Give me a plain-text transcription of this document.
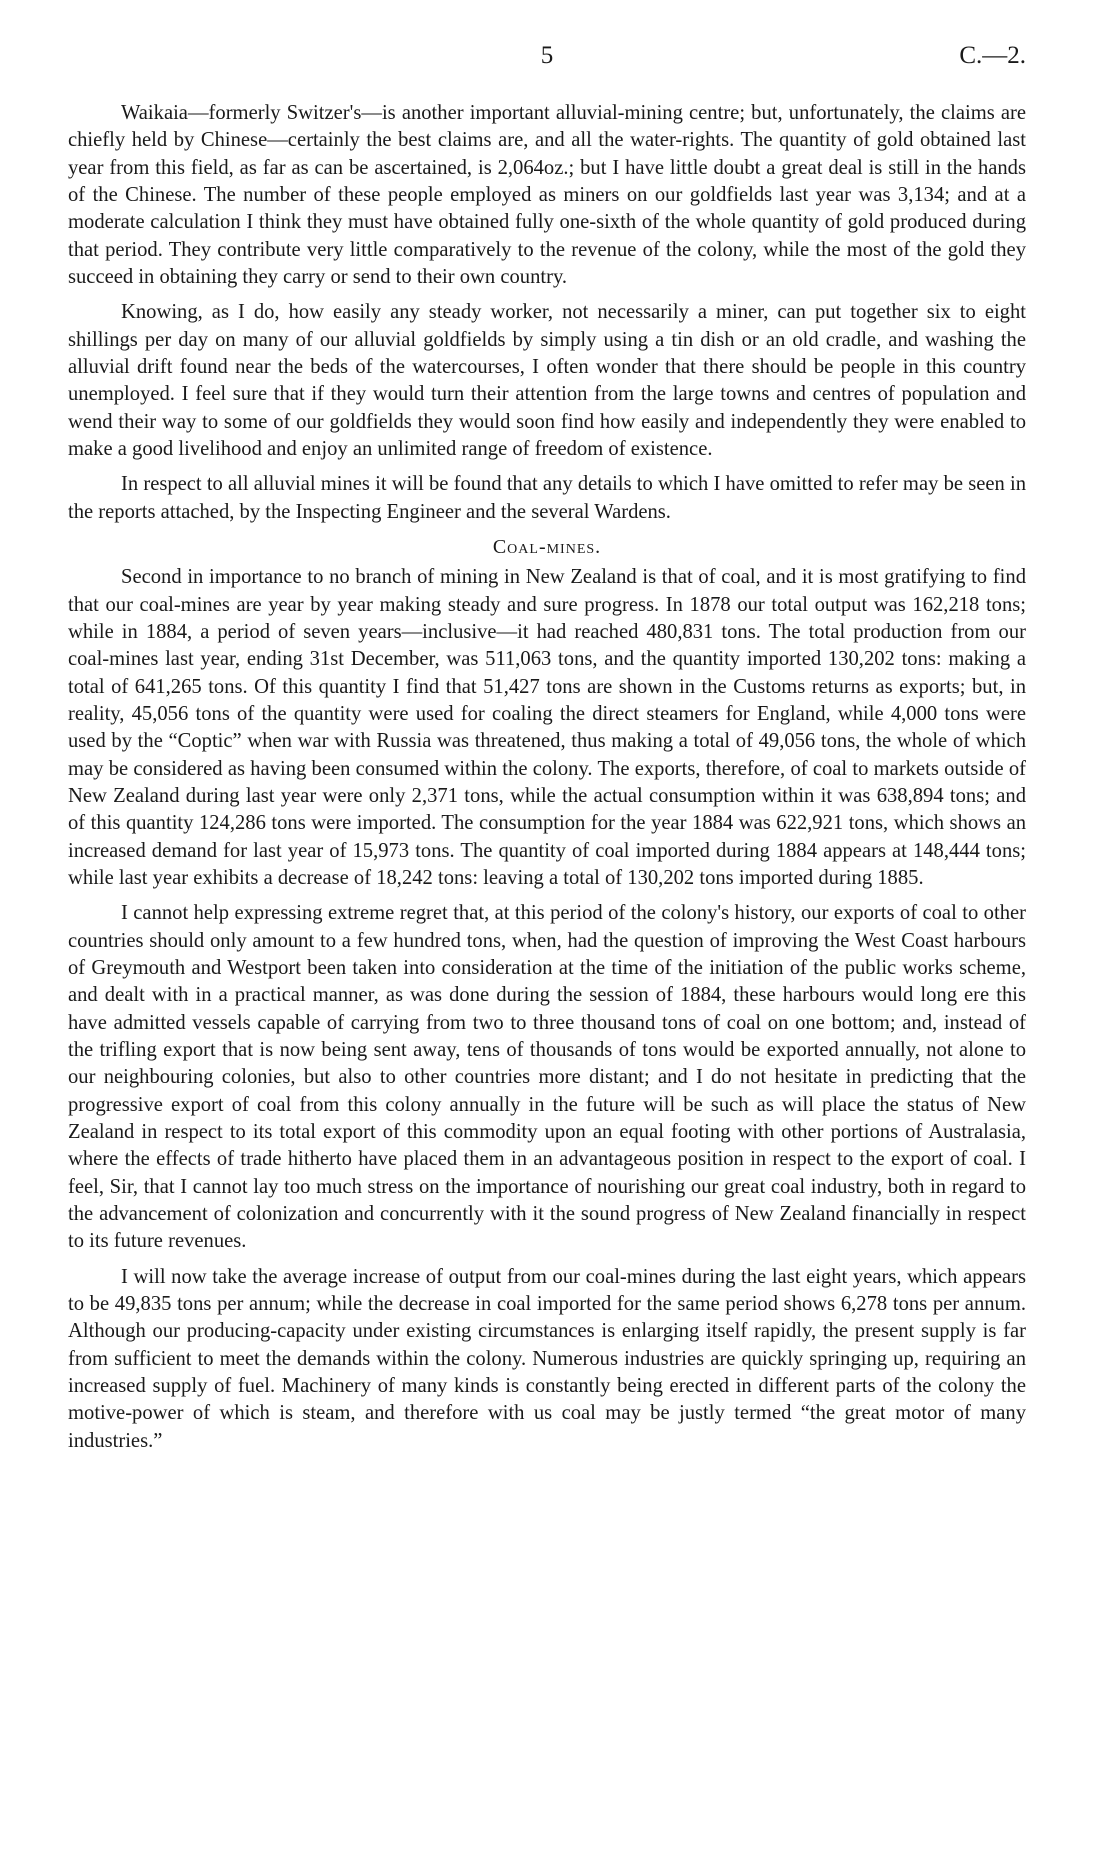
5	C.—2.

Waikaia—formerly Switzer's—is another important alluvial-mining centre; but, unfortunately, the claims are chiefly held by Chinese—certainly the best claims are, and all the water-rights. The quantity of gold obtained last year from this field, as far as can be ascertained, is 2,064oz.; but I have little doubt a great deal is still in the hands of the Chinese. The number of these people employed as miners on our goldfields last year was 3,134; and at a moderate calculation I think they must have obtained fully one-sixth of the whole quantity of gold produced during that period. They contribute very little comparatively to the revenue of the colony, while the most of the gold they succeed in obtaining they carry or send to their own country.

Knowing, as I do, how easily any steady worker, not necessarily a miner, can put together six to eight shillings per day on many of our alluvial goldfields by simply using a tin dish or an old cradle, and washing the alluvial drift found near the beds of the watercourses, I often wonder that there should be people in this country unemployed. I feel sure that if they would turn their attention from the large towns and centres of population and wend their way to some of our goldfields they would soon find how easily and independently they were enabled to make a good livelihood and enjoy an unlimited range of freedom of existence.

In respect to all alluvial mines it will be found that any details to which I have omitted to refer may be seen in the reports attached, by the Inspecting Engineer and the several Wardens.

Coal-mines.

Second in importance to no branch of mining in New Zealand is that of coal, and it is most gratifying to find that our coal-mines are year by year making steady and sure progress. In 1878 our total output was 162,218 tons; while in 1884, a period of seven years—inclusive—it had reached 480,831 tons. The total production from our coal-mines last year, ending 31st December, was 511,063 tons, and the quantity imported 130,202 tons: making a total of 641,265 tons. Of this quantity I find that 51,427 tons are shown in the Customs returns as exports; but, in reality, 45,056 tons of the quantity were used for coaling the direct steamers for England, while 4,000 tons were used by the “Coptic” when war with Russia was threatened, thus making a total of 49,056 tons, the whole of which may be considered as having been consumed within the colony. The exports, therefore, of coal to markets outside of New Zealand during last year were only 2,371 tons, while the actual consumption within it was 638,894 tons; and of this quantity 124,286 tons were imported. The consumption for the year 1884 was 622,921 tons, which shows an increased demand for last year of 15,973 tons. The quantity of coal imported during 1884 appears at 148,444 tons; while last year exhibits a decrease of 18,242 tons: leaving a total of 130,202 tons imported during 1885.

I cannot help expressing extreme regret that, at this period of the colony's history, our exports of coal to other countries should only amount to a few hundred tons, when, had the question of improving the West Coast harbours of Greymouth and Westport been taken into consideration at the time of the initiation of the public works scheme, and dealt with in a practical manner, as was done during the session of 1884, these harbours would long ere this have admitted vessels capable of carrying from two to three thousand tons of coal on one bottom; and, instead of the trifling export that is now being sent away, tens of thousands of tons would be exported annually, not alone to our neighbouring colonies, but also to other countries more distant; and I do not hesitate in predicting that the progressive export of coal from this colony annually in the future will be such as will place the status of New Zealand in respect to its total export of this commodity upon an equal footing with other portions of Australasia, where the effects of trade hitherto have placed them in an advantageous position in respect to the export of coal. I feel, Sir, that I cannot lay too much stress on the importance of nourishing our great coal industry, both in regard to the advancement of colonization and concurrently with it the sound progress of New Zealand financially in respect to its future revenues.

I will now take the average increase of output from our coal-mines during the last eight years, which appears to be 49,835 tons per annum; while the decrease in coal imported for the same period shows 6,278 tons per annum. Although our producing-capacity under existing circumstances is enlarging itself rapidly, the present supply is far from sufficient to meet the demands within the colony. Numerous industries are quickly springing up, requiring an increased supply of fuel. Machinery of many kinds is constantly being erected in different parts of the colony the motive-power of which is steam, and therefore with us coal may be justly termed “the great motor of many industries.”
